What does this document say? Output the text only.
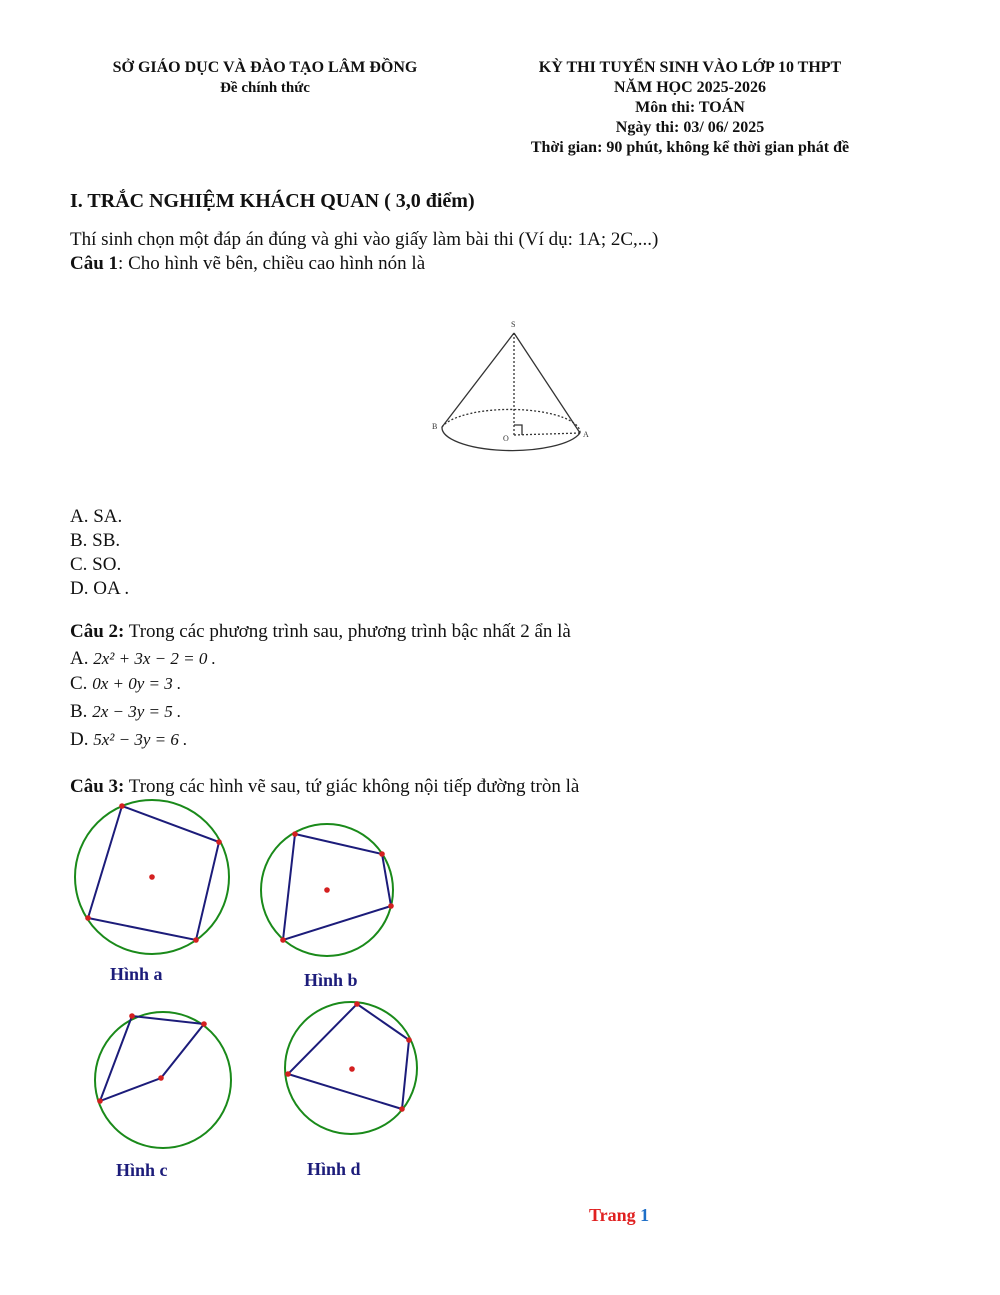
SỞ GIÁO DỤC VÀ ĐÀO TẠO LÂM ĐỒNG
Đề chính thức
KỲ THI TUYỂN SINH VÀO LỚP 10 THPT
NĂM HỌC 2025-2026
Môn thi: TOÁN
Ngày thi: 03/ 06/ 2025
Thời gian: 90 phút, không kể thời gian phát đề
I. TRẮC NGHIỆM KHÁCH QUAN ( 3,0 điểm)
Thí sinh chọn một đáp án đúng và ghi vào giấy làm bài thi (Ví dụ: 1A; 2C,...)
Câu 1: Cho hình vẽ bên, chiều cao hình nón là
S
B
O	A
A. SA.
B. SB.
C. SO.
D. OA .
Câu 2: Trong các phương trình sau, phương trình bậc nhất 2 ẩn là
A. 2x² + 3x − 2 = 0 .
C. 0x + 0y = 3 .
B. 2x − 3y = 5 .
D. 5x² − 3y = 6 .
Câu 3: Trong các hình vẽ sau, tứ giác không nội tiếp đường tròn là
Hình a	Hình b
Hình c	Hình d
Trang 1
